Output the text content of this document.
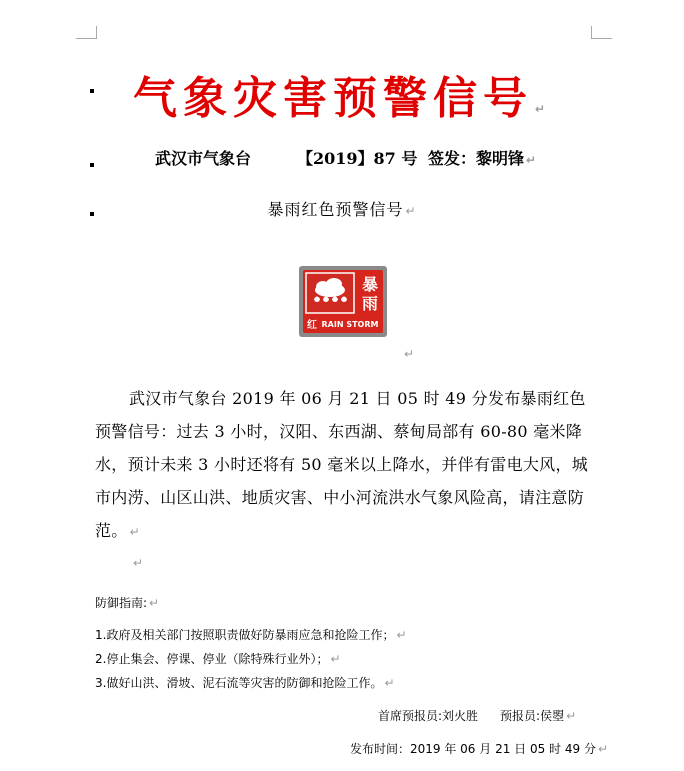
气象灾害预警信号 ↵
武汉市气象台	【2019】87 号 签发：黎明锋 ↵
暴雨红色预警信号 ↵
暴
雨
红 RAIN STORM
↵
武汉市气象台 2019 年 06 月 21 日 05 时 49 分发布暴雨红色预警信号：过去 3 小时，汉阳、东西湖、蔡甸局部有 60-80 毫米降水，预计未来 3 小时还将有 50 毫米以上降水，并伴有雷电大风，城市内涝、山区山洪、地质灾害、中小河流洪水气象风险高，请注意防范。 ↵
↵
防御指南: ↵
1.政府及相关部门按照职责做好防暴雨应急和抢险工作； ↵
2.停止集会、停课、停业（除特殊行业外）； ↵
3.做好山洪、滑坡、泥石流等灾害的防御和抢险工作。 ↵
首席预报员:刘火胜 预报员:侯曌 ↵
发布时间：2019 年 06 月 21 日 05 时 49 分 ↵
